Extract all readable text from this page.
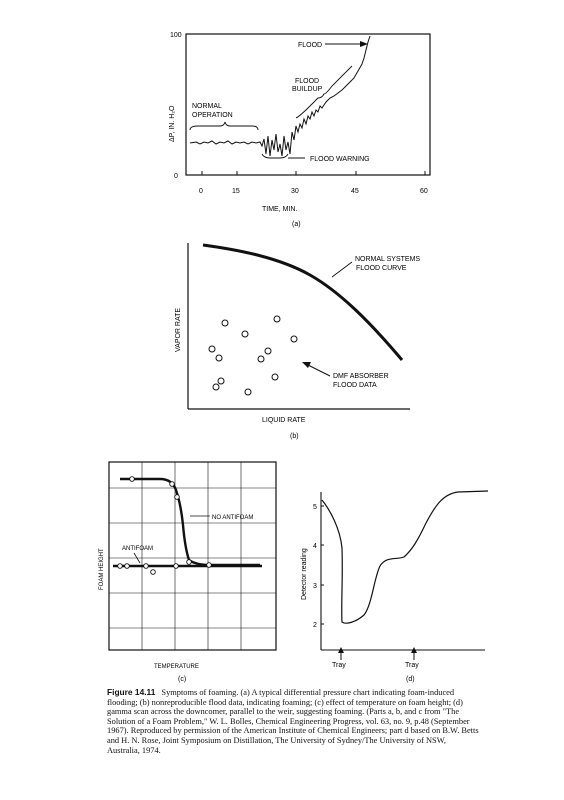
100
0
ΔP, IN. H₂O
0	15	30	45	60
TIME, MIN.
(a)
NORMAL
OPERATION
FLOOD
FLOOD
BUILDUP
FLOOD WARNING
VAPOR RATE
LIQUID RATE
(b)
NORMAL SYSTEMS
FLOOD CURVE
DMF ABSORBER
FLOOD DATA
FOAM HEIGHT
TEMPERATURE
(c)
NO ANTIFOAM
ANTIFOAM
5
4
3
2
Detector reading
Tray	Tray
(d)
Figure 14.11 Symptoms of foaming. (a) A typical differential pressure chart indicating foam-induced flooding; (b) nonreproducible flood data, indicating foaming; (c) effect of temperature on foam height; (d) gamma scan across the downcomer, parallel to the weir, suggesting foaming. (Parts a, b, and c from "The Solution of a Foam Problem," W. L. Bolles, Chemical Engineering Progress, vol. 63, no. 9, p.48 (September 1967). Reproduced by permission of the American Institute of Chemical Engineers; part d based on B.W. Betts and H. N. Rose, Joint Symposium on Distillation, The University of Sydney/The University of NSW, Australia, 1974.
